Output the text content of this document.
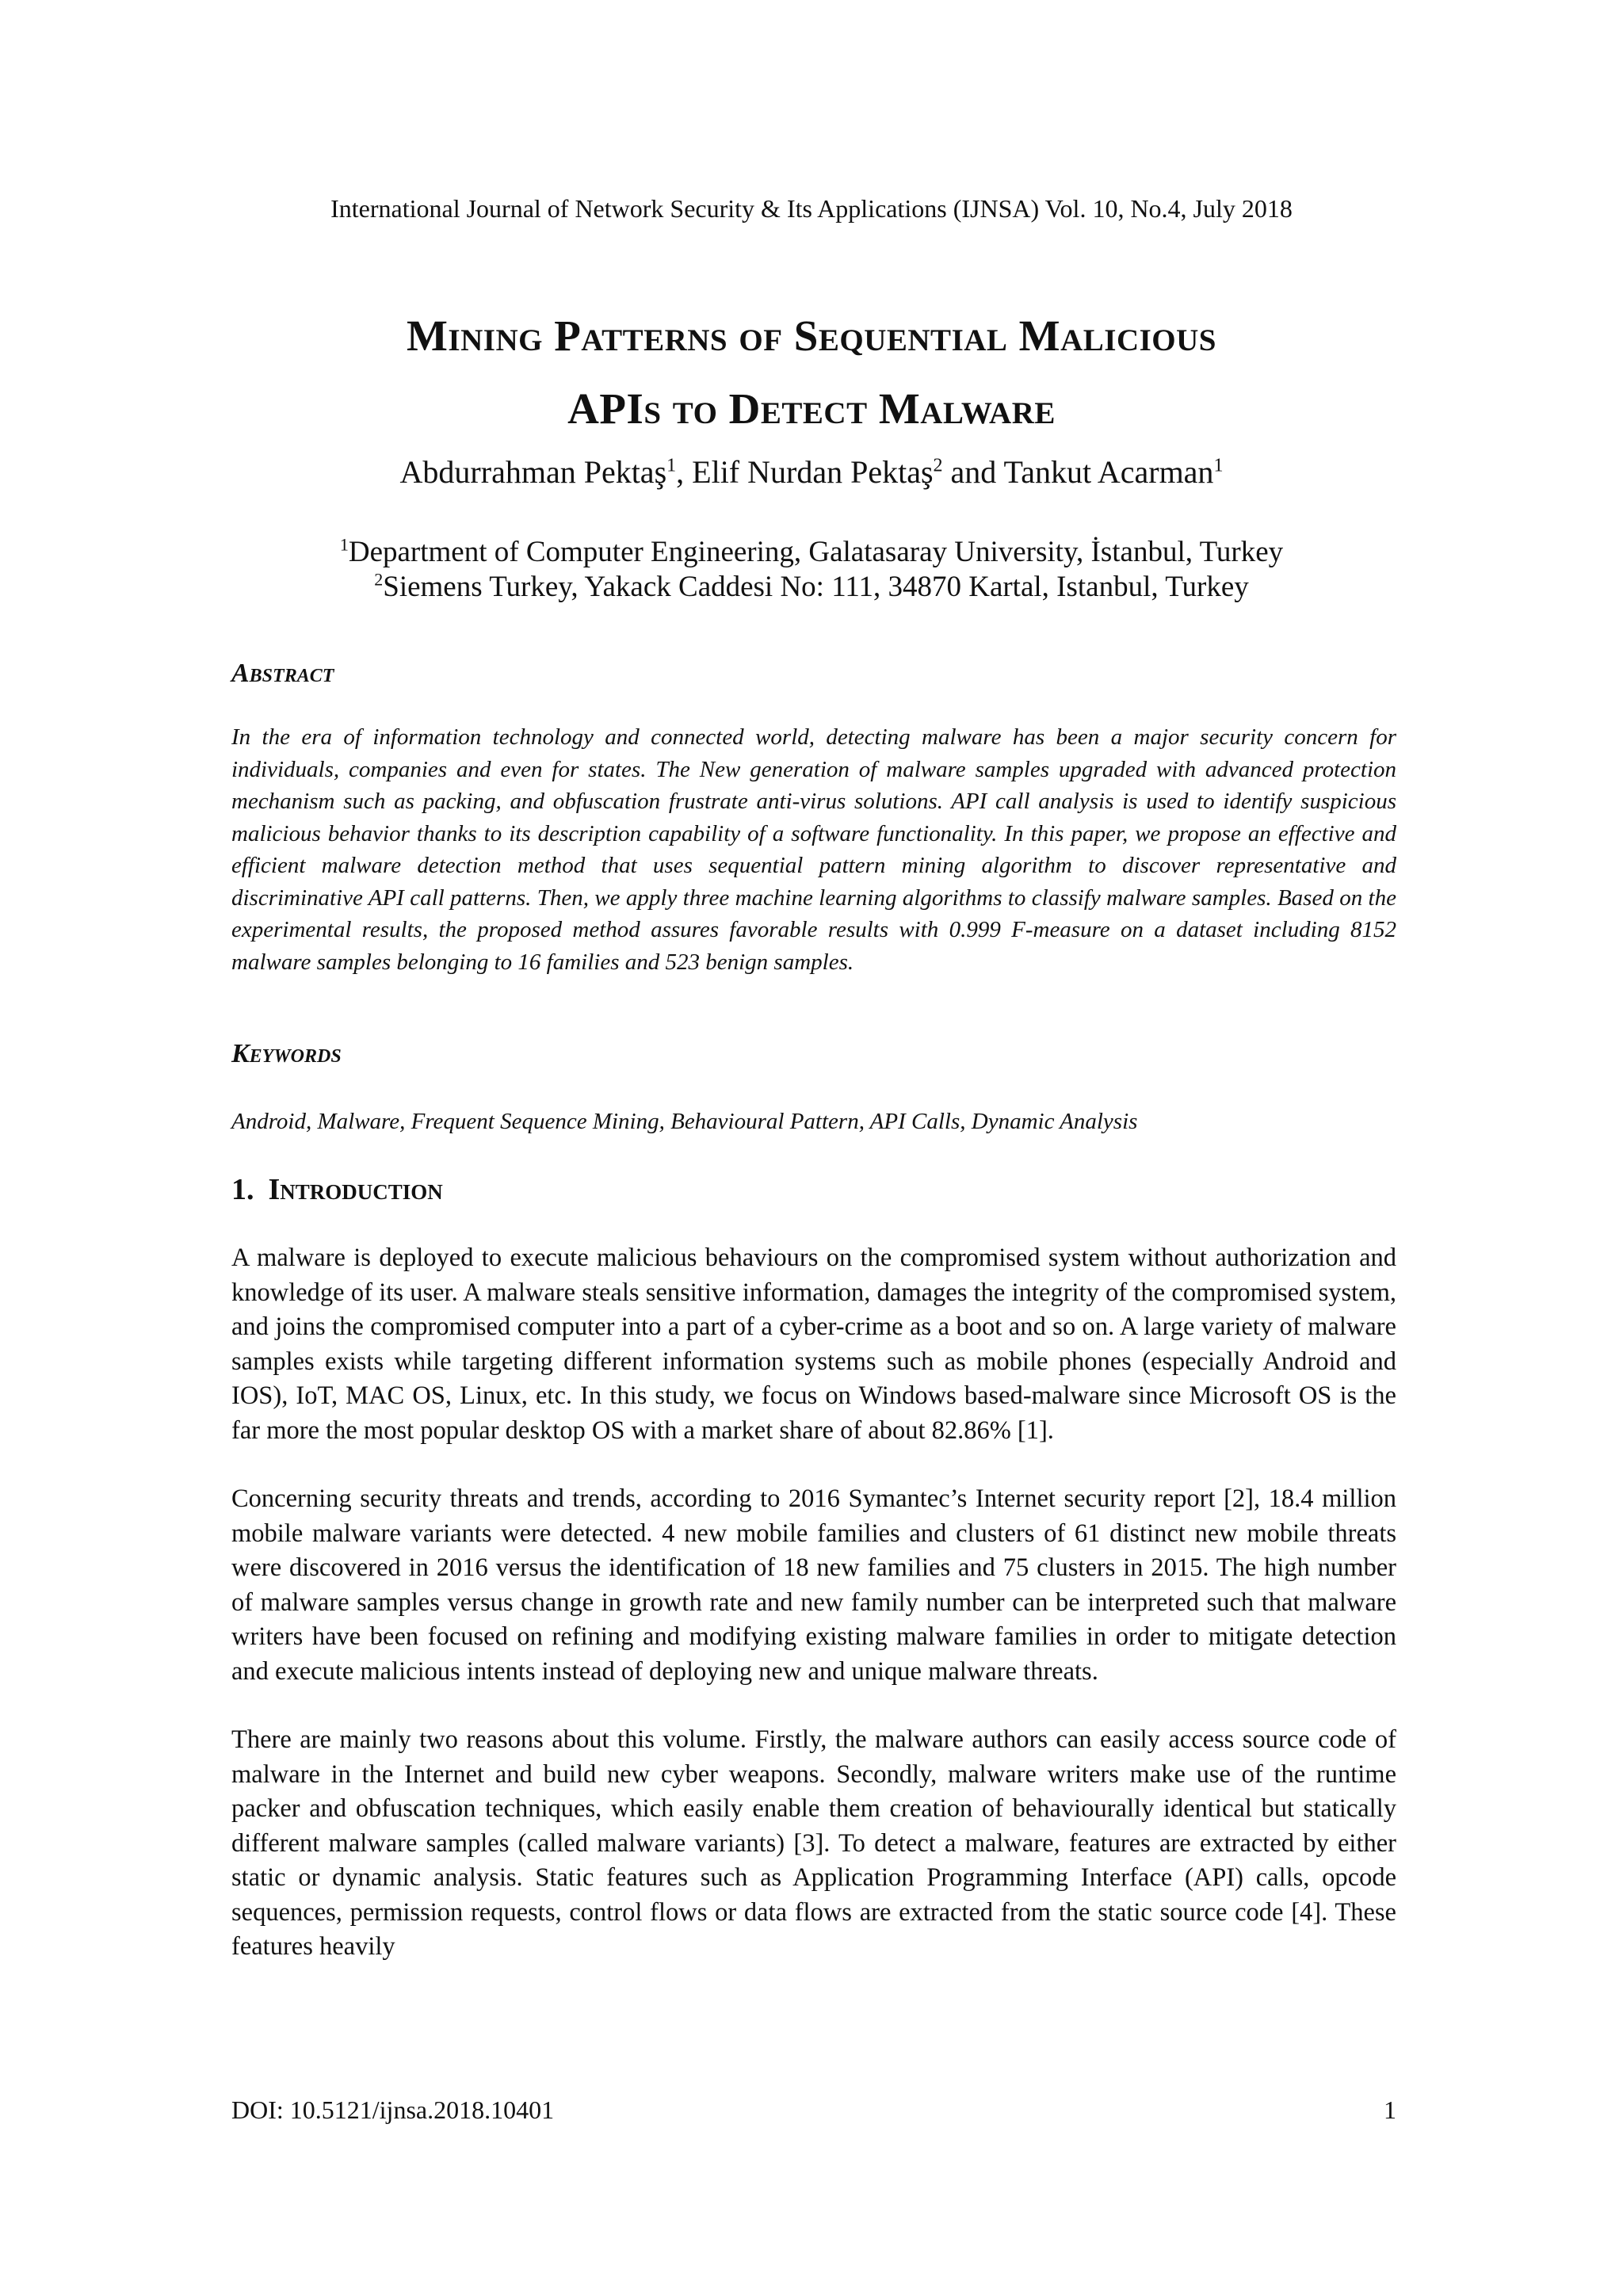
International Journal of Network Security & Its Applications (IJNSA) Vol. 10, No.4, July 2018
Mining Patterns of Sequential Malicious
APIs to Detect Malware
Abdurrahman Pektaş$^1$, Elif Nurdan Pektaş$^2$ and Tankut Acarman$^1$
$^1$Department of Computer Engineering, Galatasaray University, İstanbul, Turkey
$^2$Siemens Turkey, Yakack Caddesi No: 111, 34870 Kartal, Istanbul, Turkey
Abstract
In the era of information technology and connected world, detecting malware has been a major security concern for individuals, companies and even for states. The New generation of malware samples upgraded with advanced protection mechanism such as packing, and obfuscation frustrate anti-virus solutions. API call analysis is used to identify suspicious malicious behavior thanks to its description capability of a software functionality. In this paper, we propose an effective and efficient malware detection method that uses sequential pattern mining algorithm to discover representative and discriminative API call patterns. Then, we apply three machine learning algorithms to classify malware samples. Based on the experimental results, the proposed method assures favorable results with 0.999 F-measure on a dataset including 8152 malware samples belonging to 16 families and 523 benign samples.
Keywords
Android, Malware, Frequent Sequence Mining, Behavioural Pattern, API Calls, Dynamic Analysis
1. Introduction

A malware is deployed to execute malicious behaviours on the compromised system without authorization and knowledge of its user. A malware steals sensitive information, damages the integrity of the compromised system, and joins the compromised computer into a part of a cyber-crime as a boot and so on. A large variety of malware samples exists while targeting different information systems such as mobile phones (especially Android and IOS), IoT, MAC OS, Linux, etc. In this study, we focus on Windows based-malware since Microsoft OS is the far more the most popular desktop OS with a market share of about 82.86% [1].

Concerning security threats and trends, according to 2016 Symantec’s Internet security report [2], 18.4 million mobile malware variants were detected. 4 new mobile families and clusters of 61 distinct new mobile threats were discovered in 2016 versus the identification of 18 new families and 75 clusters in 2015. The high number of malware samples versus change in growth rate and new family number can be interpreted such that malware writers have been focused on refining and modifying existing malware families in order to mitigate detection and execute malicious intents instead of deploying new and unique malware threats.

There are mainly two reasons about this volume. Firstly, the malware authors can easily access source code of malware in the Internet and build new cyber weapons. Secondly, malware writers make use of the runtime packer and obfuscation techniques, which easily enable them creation of behaviourally identical but statically different malware samples (called malware variants) [3]. To detect a malware, features are extracted by either static or dynamic analysis. Static features such as Application Programming Interface (API) calls, opcode sequences, permission requests, control flows or data flows are extracted from the static source code [4]. These features heavily

DOI: 10.5121/ijnsa.2018.10401	1
